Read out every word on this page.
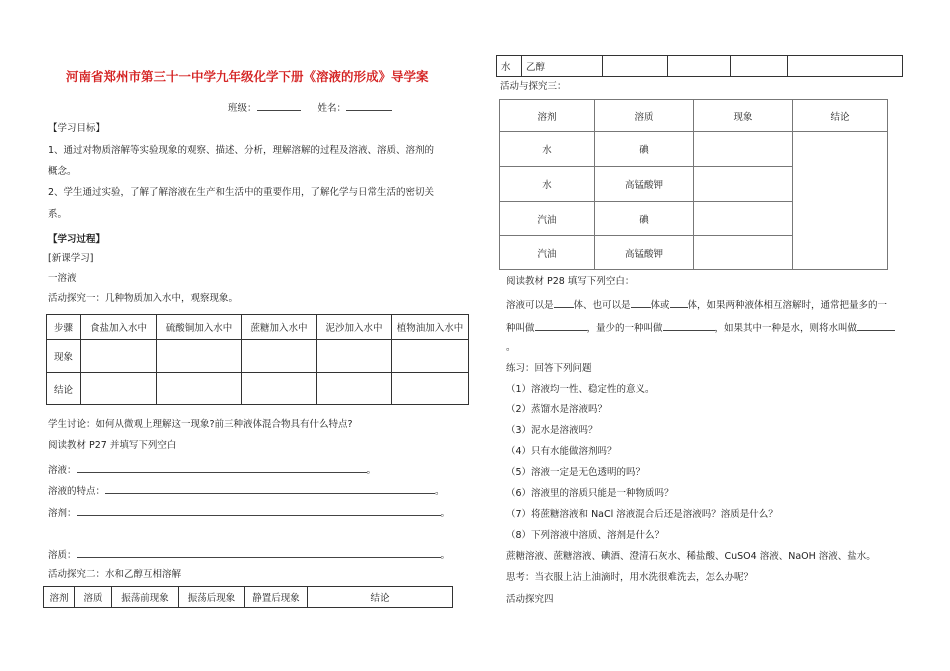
河南省郑州市第三十一中学九年级化学下册《溶液的形成》导学案
班级：	姓名：
【学习目标】
1、通过对物质溶解等实验现象的观察、描述、分析，理解溶解的过程及溶液、溶质、溶剂的
概念。
2、学生通过实验，了解了解溶液在生产和生活中的重要作用，了解化学与日常生活的密切关
系。
【学习过程】
[新课学习]
一溶液
活动探究一：几种物质加入水中，观察现象。
步骤	食盐加入水中	硫酸铜加入水中	蔗糖加入水中	泥沙加入水中	植物油加入水中
现象					
结论					
学生讨论：如何从微观上理解这一现象?前三种液体混合物具有什么特点?
阅读教材 P27 并填写下列空白
溶液：	。
溶液的特点：	。
溶剂：	。
溶质：	。
活动探究二：水和乙醇互相溶解
溶剂	溶质	振荡前现象	振荡后现象	静置后现象	结论
水	乙醇				
活动与探究三：
溶剂	溶质	现象	结论
水	碘		
水	高锰酸钾		
汽油	碘		
汽油	高锰酸钾		
阅读教材 P28 填写下列空白：
溶液可以是 体、也可以是 体或 体，如果两种液体相互溶解时，通常把量多的一
种叫做	，量少的一种叫做	，如果其中一种是水，则将水叫做
。
练习：回答下列问题
（1）溶液均一性、稳定性的意义。
（2）蒸馏水是溶液吗？
（3）泥水是溶液吗？
（4）只有水能做溶剂吗？
（5）溶液一定是无色透明的吗？
（6）溶液里的溶质只能是一种物质吗？
（7）将蔗糖溶液和 NaCl 溶液混合后还是溶液吗？溶质是什么？
（8）下列溶液中溶质、溶剂是什么？
蔗糖溶液、蔗糖溶液、碘酒、澄清石灰水、稀盐酸、CuSO4 溶液、NaOH 溶液、盐水。
思考：当衣服上沾上油滴时，用水洗很难洗去，怎么办呢？
活动探究四
